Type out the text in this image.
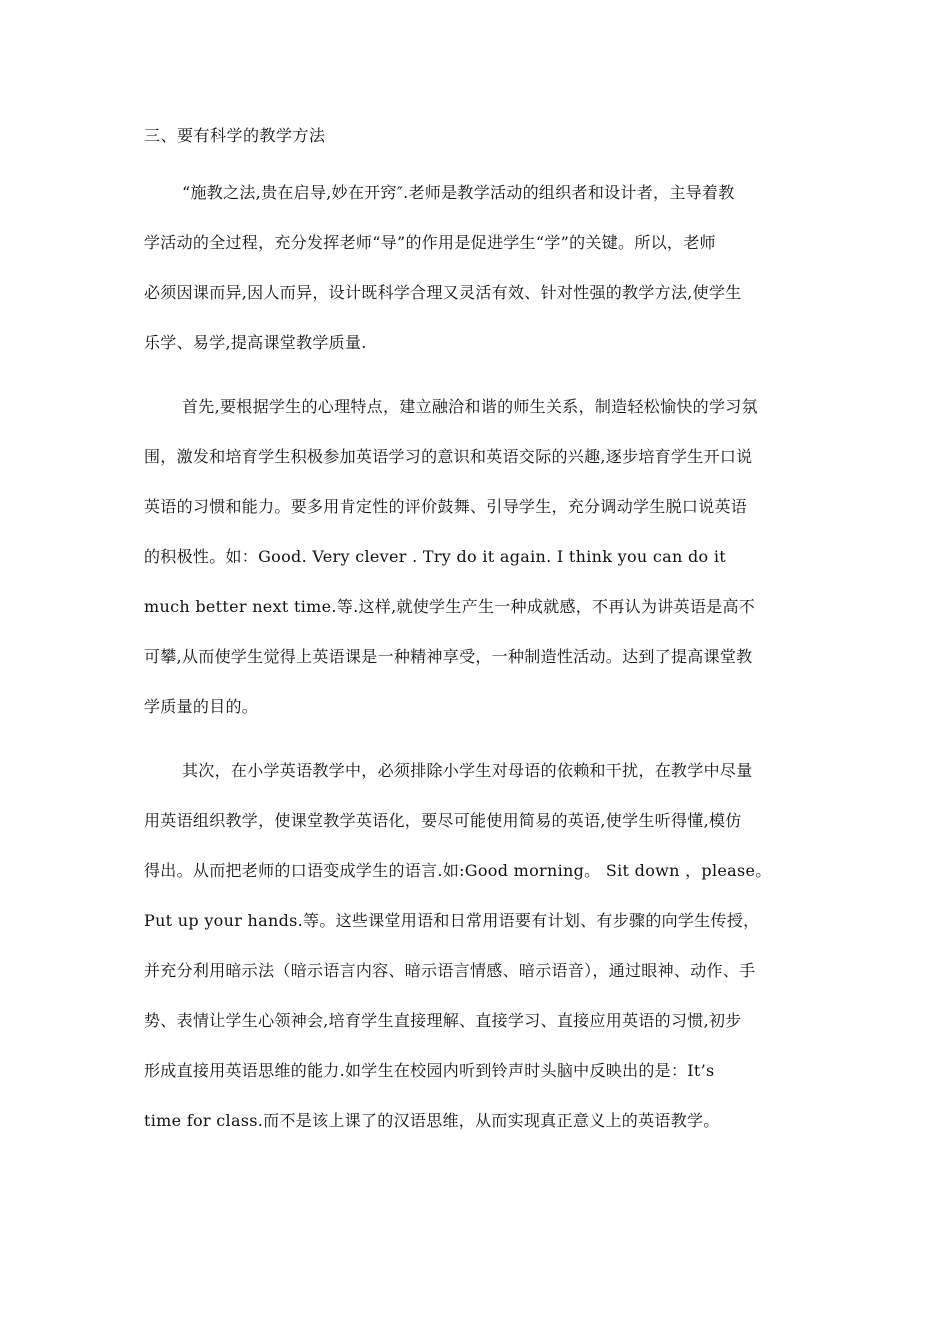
三、要有科学的教学方法
“施教之法,贵在启导,妙在开窍″.老师是教学活动的组织者和设计者，主导着教
学活动的全过程，充分发挥老师“导”的作用是促进学生“学”的关键。所以，老师
必须因课而异,因人而异，设计既科学合理又灵活有效、针对性强的教学方法,使学生
乐学、易学,提高课堂教学质量.
首先,要根据学生的心理特点，建立融洽和谐的师生关系，制造轻松愉快的学习氛
围，激发和培育学生积极参加英语学习的意识和英语交际的兴趣,逐步培育学生开口说
英语的习惯和能力。要多用肯定性的评价鼓舞、引导学生，充分调动学生脱口说英语
的积极性。如：Good. Very clever . Try do it again. I think you can do it
much better next time.等.这样,就使学生产生一种成就感，不再认为讲英语是高不
可攀,从而使学生觉得上英语课是一种精神享受，一种制造性活动。达到了提高课堂教
学质量的目的。
其次，在小学英语教学中，必须排除小学生对母语的依赖和干扰，在教学中尽量
用英语组织教学，使课堂教学英语化，要尽可能使用简易的英语,使学生听得懂,模仿
得出。从而把老师的口语变成学生的语言.如:Good morning。 Sit down ，please。
Put up your hands.等。这些课堂用语和日常用语要有计划、有步骤的向学生传授，
并充分利用暗示法（暗示语言内容、暗示语言情感、暗示语音），通过眼神、动作、手
势、表情让学生心领神会,培育学生直接理解、直接学习、直接应用英语的习惯,初步
形成直接用英语思维的能力.如学生在校园内听到铃声时头脑中反映出的是：It’s
time for class.而不是该上课了的汉语思维，从而实现真正意义上的英语教学。
